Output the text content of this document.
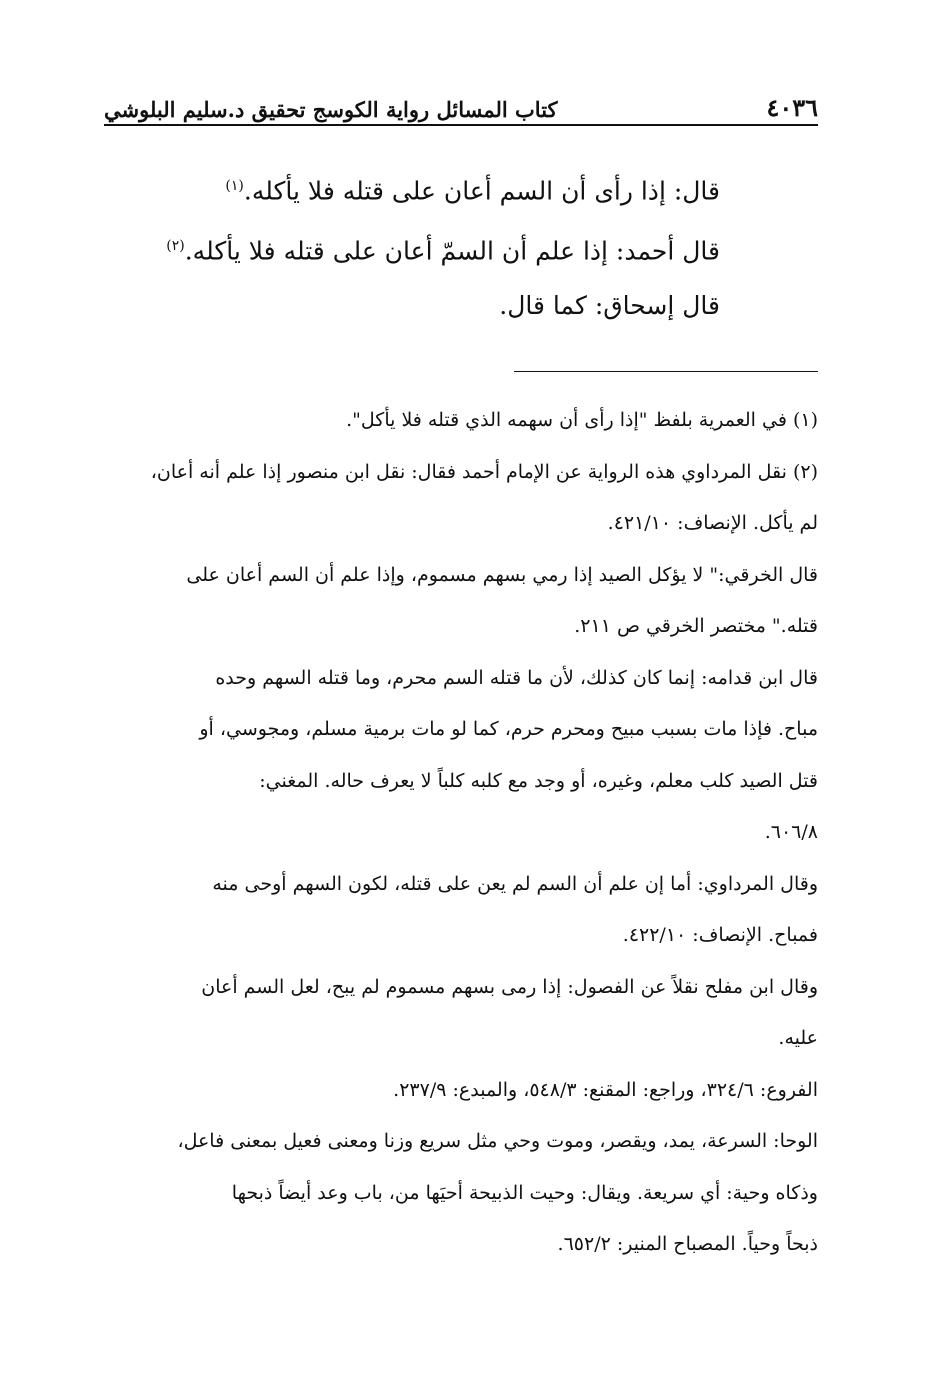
كتاب المسائل رواية الكوسج تحقيق د.سليم البلوشي	٤٠٣٦
قال: إذا رأى أن السم أعان على قتله فلا يأكله.$^{(١)}$
قال أحمد: إذا علم أن السمّ أعان على قتله فلا يأكله.$^{(٢)}$
قال إسحاق: كما قال.
(١) في العمرية بلفظ "إذا رأى أن سهمه الذي قتله فلا يأكل".
(٢) نقل المرداوي هذه الرواية عن الإمام أحمد فقال: نقل ابن منصور إذا علم أنه أعان،
لم يأكل. الإنصاف: ٤٢١/١٠.
قال الخرقي:" لا يؤكل الصيد إذا رمي بسهم مسموم، وإذا علم أن السم أعان على
قتله." مختصر الخرقي ص ٢١١.
قال ابن قدامه: إنما كان كذلك، لأن ما قتله السم محرم، وما قتله السهم وحده
مباح. فإذا مات بسبب مبيح ومحرم حرم، كما لو مات برمية مسلم، ومجوسي، أو
قتل الصيد كلب معلم، وغيره، أو وجد مع كلبه كلباً لا يعرف حاله. المغني:
٦٠٦/٨.
وقال المرداوي: أما إن علم أن السم لم يعن على قتله، لكون السهم أوحى منه
فمباح. الإنصاف: ٤٢٢/١٠.
وقال ابن مفلح نقلاً عن الفصول: إذا رمى بسهم مسموم لم يبح، لعل السم أعان
عليه.
الفروع: ٣٢٤/٦، وراجع: المقنع: ٥٤٨/٣، والمبدع: ٢٣٧/٩.
الوحا: السرعة، يمد، ويقصر، وموت وحي مثل سريع وزنا ومعنى فعيل بمعنى فاعل،
وذكاه وحية: أي سريعة. ويقال: وحيت الذبيحة أحيَها من، باب وعد أيضاً ذبحها
ذبحاً وحياً. المصباح المنير: ٦٥٢/٢.
